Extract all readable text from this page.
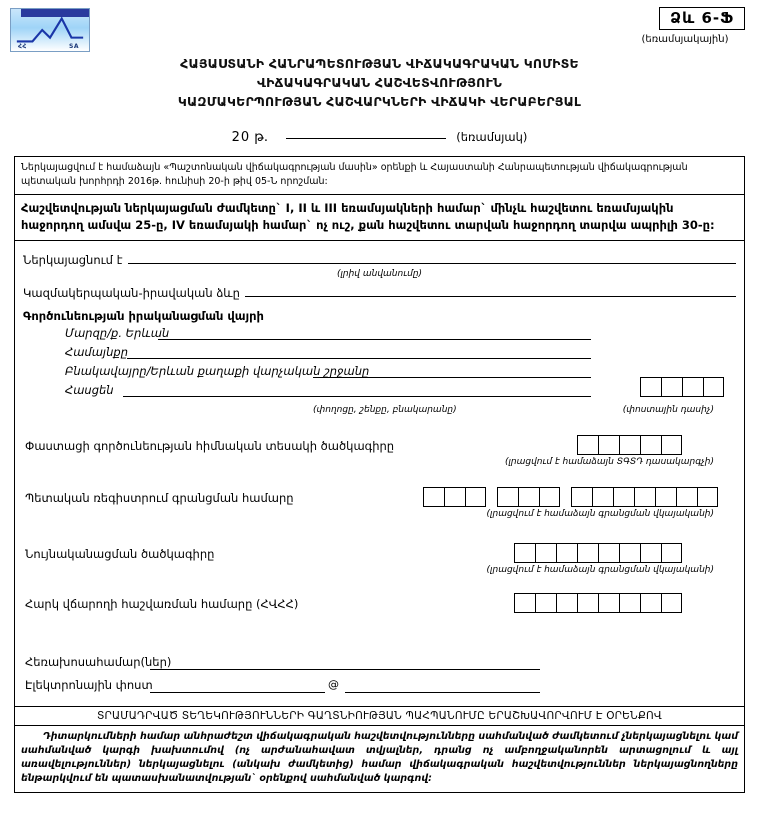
ՀՀ	SA
Ձև 6-Ֆ
(եռամսյակային)
ՀԱՅԱՍՏԱՆԻ ՀԱՆՐԱՊԵՏՈՒԹՅԱՆ ՎԻՃԱԿԱԳՐԱԿԱՆ ԿՈՄԻՏԵ
ՎԻՃԱԿԱԳՐԱԿԱՆ ՀԱՇՎԵՏՎՈՒԹՅՈՒՆ
ԿԱԶՄԱԿԵՐՊՈՒԹՅԱՆ ՀԱՇՎԱՐԿՆԵՐԻ ՎԻՃԱԿԻ ՎԵՐԱԲԵՐՅԱԼ
20 թ.	(եռամսյակ)
Ներկայացվում է համաձայն «Պաշտոնական վիճակագրության մասին» օրենքի և Հայաստանի Հանրապետության վիճակագրության պետական խորհրդի 2016թ. հունիսի 20-ի թիվ 05-Ն որոշման:
Հաշվետվության ներկայացման ժամկետը` I, II և III եռամսյակների համար` մինչև հաշվետու եռամսյակին հաջորդող ամսվա 25-ը, IV եռամսյակի համար` ոչ ուշ, քան հաշվետու տարվան հաջորդող տարվա ապրիլի 30-ը:
Ներկայացնում է
(լրիվ անվանումը)
Կազմակերպական-իրավական ձևը
Գործունեության իրականացման վայրի
Մարզը/ք. Երևան
Համայնքը
Բնակավայրը/Երևան քաղաքի վարչական շրջանը
Հասցեն
(փողոցը, շենքը, բնակարանը)	(փոստային դասիչ)
Փաստացի գործունեության հիմնական տեսակի ծածկագիրը
(լրացվում է համաձայն ՏԳՏԴ դասակարգչի)
Պետական ռեգիստրում գրանցման համարը
(լրացվում է համաձայն գրանցման վկայականի)
Նույնականացման ծածկագիրը
(լրացվում է համաձայն գրանցման վկայականի)
Հարկ վճարողի հաշվառման համարը (ՀՎՀՀ)
Հեռախոսահամար(ներ)
Էլեկտրոնային փոստ	@
ՏՐԱՄԱԴՐՎԱԾ ՏԵՂԵԿՈՒԹՅՈՒՆՆԵՐԻ ԳԱՂՏՆԻՈՒԹՅԱՆ ՊԱՀՊԱՆՈՒՄԸ ԵՐԱՇԽԱՎՈՐՎՈՒՄ Է ՕՐԵՆՔՈՎ
Դիտարկումների համար անհրաժեշտ վիճակագրական հաշվետվությունները սահմանված ժամկետում չներկայացնելու կամ սահմանված կարգի խախտումով (ոչ արժանահավատ տվյալներ, դրանց ոչ ամբողջականորեն արտացոլում և այլ առավելություններ) ներկայացնելու (անկախ ժամկետից) համար վիճակագրական հաշվետվություններ ներկայացնողները ենթարկվում են պատասխանատվության` օրենքով սահմանված կարգով:
